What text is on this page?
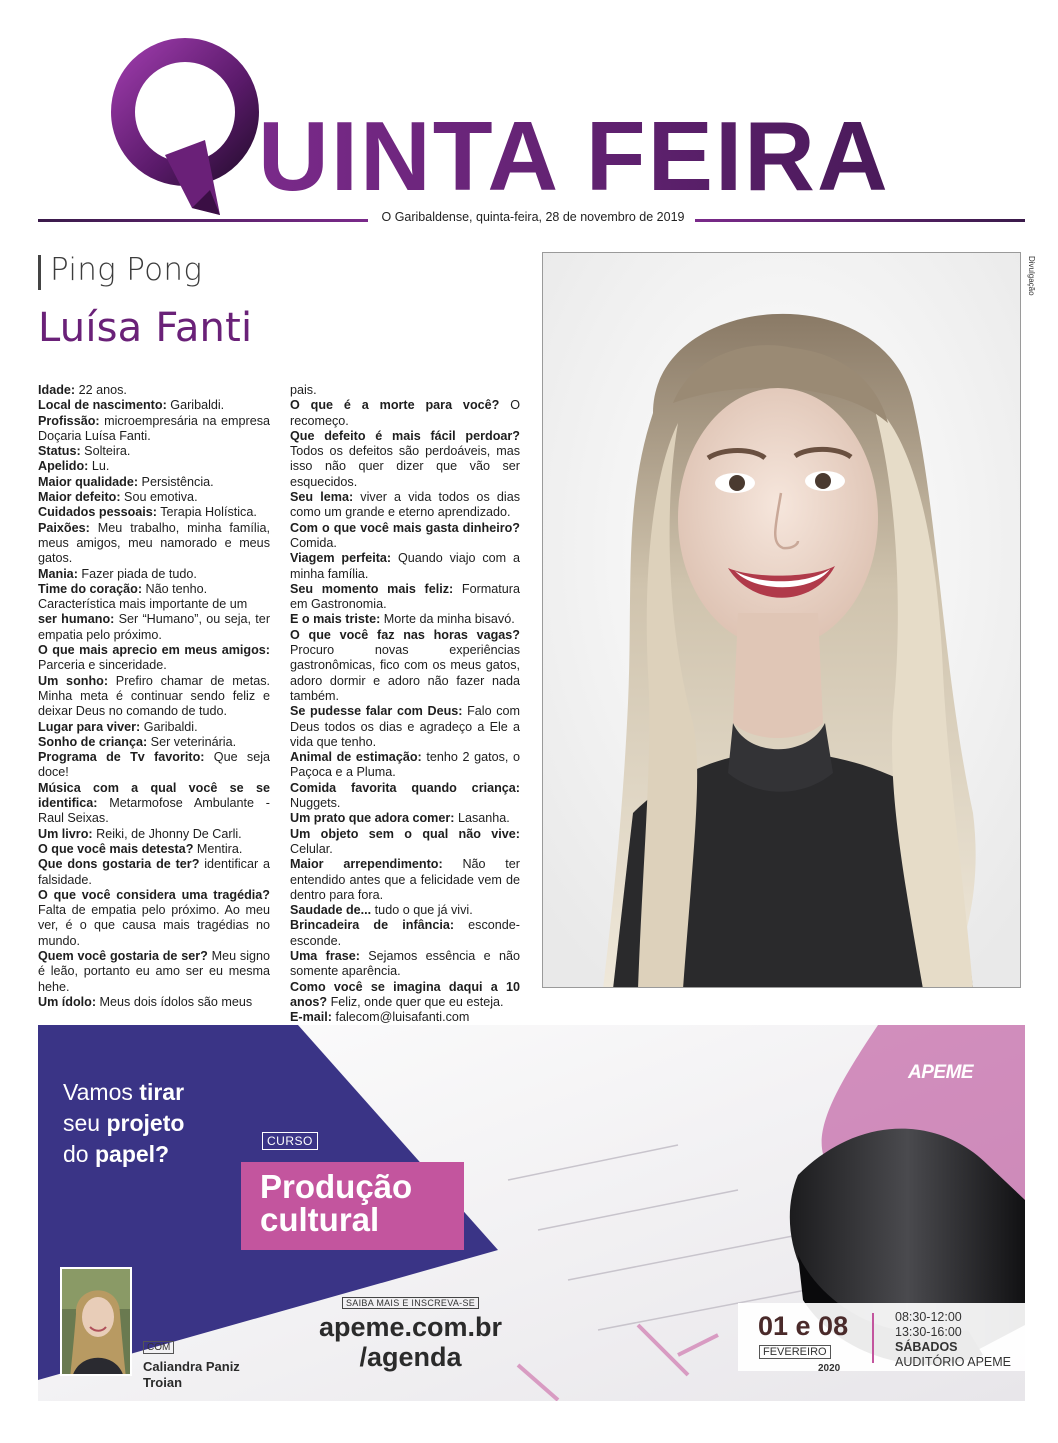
UINTA FEIRA
O Garibaldense, quinta-feira, 28 de novembro de 2019
Ping Pong
Luísa Fanti
Idade: 22 anos.
Local de nascimento: Garibaldi.
Profissão: microempresária na empresa Doçaria Luísa Fanti.
Status: Solteira.
Apelido: Lu.
Maior qualidade: Persistência.
Maior defeito: Sou emotiva.
Cuidados pessoais: Terapia Holística.
Paixões: Meu trabalho, minha família, meus amigos, meu namorado e meus gatos.
Mania: Fazer piada de tudo.
Time do coração: Não tenho.
Característica mais importante de um
ser humano: Ser “Humano”, ou seja, ter empatia pelo próximo.
O que mais aprecio em meus amigos: Parceria e sinceridade.
Um sonho: Prefiro chamar de metas. Minha meta é continuar sendo feliz e deixar Deus no comando de tudo.
Lugar para viver: Garibaldi.
Sonho de criança: Ser veterinária.
Programa de Tv favorito: Que seja doce!
Música com a qual você se se identifica: Metarmofose Ambulante - Raul Seixas.
Um livro: Reiki, de Jhonny De Carli.
O que você mais detesta? Mentira.
Que dons gostaria de ter? identificar a falsidade.
O que você considera uma tragédia? Falta de empatia pelo próximo. Ao meu ver, é o que causa mais tragédias no mundo.
Quem você gostaria de ser? Meu signo é leão, portanto eu amo ser eu mesma hehe.
Um ídolo: Meus dois ídolos são meus
pais.
O que é a morte para você? O recomeço.
Que defeito é mais fácil perdoar? Todos os defeitos são perdoáveis, mas isso não quer dizer que vão ser esquecidos.
Seu lema: viver a vida todos os dias como um grande e eterno aprendizado.
Com o que você mais gasta dinheiro? Comida.
Viagem perfeita: Quando viajo com a minha família.
Seu momento mais feliz: Formatura em Gastronomia.
E o mais triste: Morte da minha bisavó.
O que você faz nas horas vagas? Procuro novas experiências gastronômicas, fico com os meus gatos, adoro dormir e adoro não fazer nada também.
Se pudesse falar com Deus: Falo com Deus todos os dias e agradeço a Ele a vida que tenho.
Animal de estimação: tenho 2 gatos, o Paçoca e a Pluma.
Comida favorita quando criança: Nuggets.
Um prato que adora comer: Lasanha.
Um objeto sem o qual não vive: Celular.
Maior arrependimento: Não ter entendido antes que a felicidade vem de dentro para fora.
Saudade de... tudo o que já vivi.
Brincadeira de infância: esconde-esconde.
Uma frase: Sejamos essência e não somente aparência.
Como você se imagina daqui a 10 anos? Feliz, onde quer que eu esteja.
E-mail: falecom@luisafanti.com
Divulgação
APEME
Vamos tirar
seu projeto
do papel?	CURSO
Produção
cultural
COM
Caliandra Paniz
Troian
SAIBA MAIS E INSCREVA-SE
apeme.com.br
/agenda
01 e 08
FEVEREIRO
2020
08:30-12:00
13:30-16:00
SÁBADOS
AUDITÓRIO APEME
